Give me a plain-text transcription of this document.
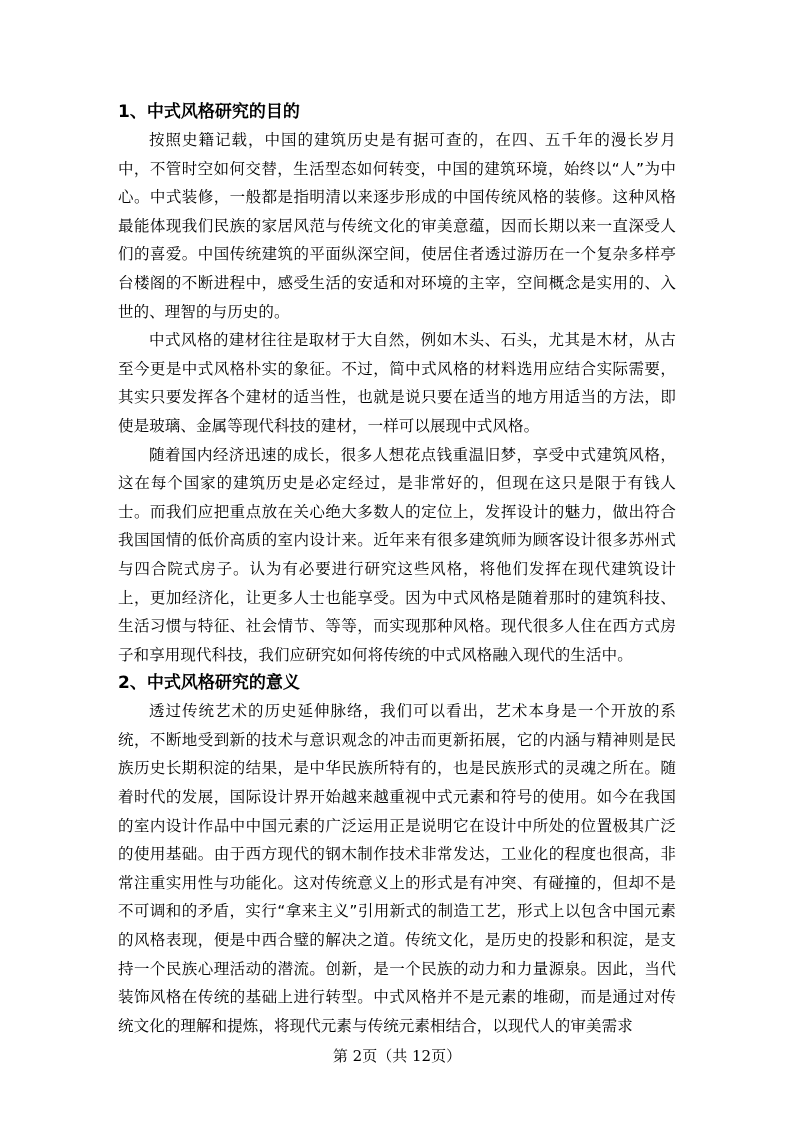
1、中式风格研究的目的

按照史籍记载，中国的建筑历史是有据可查的，在四、五千年的漫长岁月中，不管时空如何交替，生活型态如何转变，中国的建筑环境，始终以“人”为中心。中式装修，一般都是指明清以来逐步形成的中国传统风格的装修。这种风格最能体现我们民族的家居风范与传统文化的审美意蕴，因而长期以来一直深受人们的喜爱。中国传统建筑的平面纵深空间，使居住者透过游历在一个复杂多样亭台楼阁的不断进程中，感受生活的安适和对环境的主宰，空间概念是实用的、入世的、理智的与历史的。

中式风格的建材往往是取材于大自然，例如木头、石头，尤其是木材，从古至今更是中式风格朴实的象征。不过，简中式风格的材料选用应结合实际需要，其实只要发挥各个建材的适当性，也就是说只要在适当的地方用适当的方法，即使是玻璃、金属等现代科技的建材，一样可以展现中式风格。

随着国内经济迅速的成长，很多人想花点钱重温旧梦，享受中式建筑风格，这在每个国家的建筑历史是必定经过，是非常好的，但现在这只是限于有钱人士。而我们应把重点放在关心绝大多数人的定位上，发挥设计的魅力，做出符合我国国情的低价高质的室内设计来。近年来有很多建筑师为顾客设计很多苏州式与四合院式房子。认为有必要进行研究这些风格，将他们发挥在现代建筑设计上，更加经济化，让更多人士也能享受。因为中式风格是随着那时的建筑科技、生活习惯与特征、社会情节、等等，而实现那种风格。现代很多人住在西方式房子和享用现代科技，我们应研究如何将传统的中式风格融入现代的生活中。

2、中式风格研究的意义

透过传统艺术的历史延伸脉络，我们可以看出，艺术本身是一个开放的系统，不断地受到新的技术与意识观念的冲击而更新拓展，它的内涵与精神则是民族历史长期积淀的结果，是中华民族所特有的，也是民族形式的灵魂之所在。随着时代的发展，国际设计界开始越来越重视中式元素和符号的使用。如今在我国的室内设计作品中中国元素的广泛运用正是说明它在设计中所处的位置极其广泛的使用基础。由于西方现代的钢木制作技术非常发达，工业化的程度也很高，非常注重实用性与功能化。这对传统意义上的形式是有冲突、有碰撞的，但却不是不可调和的矛盾，实行“拿来主义”引用新式的制造工艺，形式上以包含中国元素的风格表现，便是中西合璧的解决之道。传统文化，是历史的投影和积淀，是支持一个民族心理活动的潜流。创新，是一个民族的动力和力量源泉。因此，当代装饰风格在传统的基础上进行转型。中式风格并不是元素的堆砌，而是通过对传统文化的理解和提炼，将现代元素与传统元素相结合，以现代人的审美需求

第 2页（共 12页）
